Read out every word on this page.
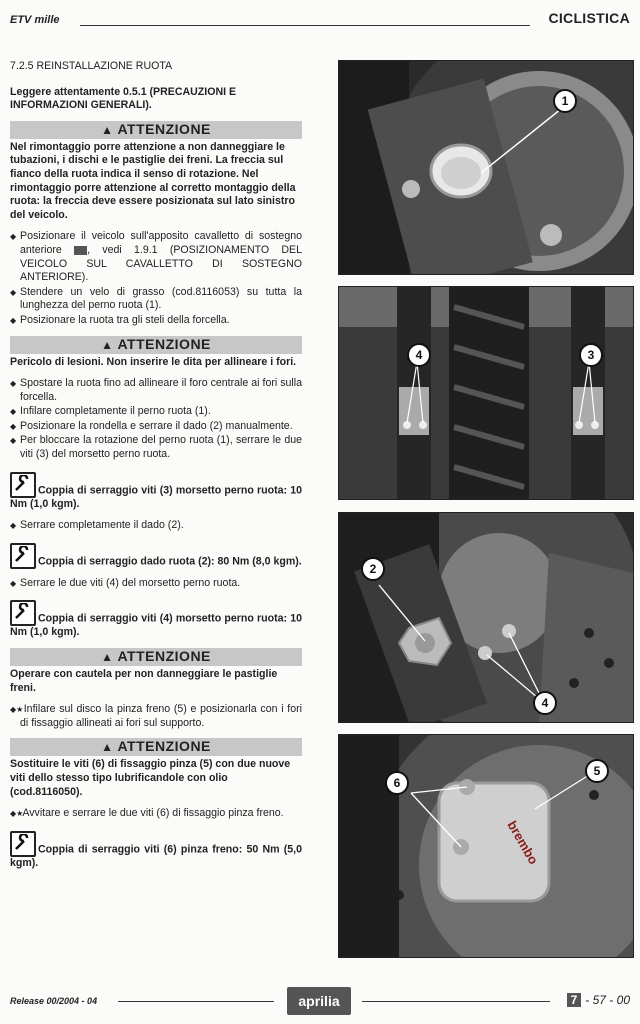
ETV mille	CICLISTICA
7.2.5 REINSTALLAZIONE RUOTA
Leggere attentamente 0.5.1 (PRECAUZIONI E INFORMAZIONI GENERALI).
▲ ATTENZIONE
Nel rimontaggio porre attenzione a non danneggiare le tubazioni, i dischi e le pastiglie dei freni. La freccia sul fianco della ruota indica il senso di rotazione. Nel rimontaggio porre attenzione al corretto montaggio della ruota: la freccia deve essere posizionata sul lato sinistro del veicolo.
◆ Posizionare il veicolo sull'apposito cavalletto di sostegno anteriore , vedi 1.9.1 (POSIZIONAMENTO DEL VEICOLO SUL CAVALLETTO DI SOSTEGNO ANTERIORE).
◆ Stendere un velo di grasso (cod.8116053) su tutta la lunghezza del perno ruota (1).
◆ Posizionare la ruota tra gli steli della forcella.
▲ ATTENZIONE
Pericolo di lesioni. Non inserire le dita per allineare i fori.
◆ Spostare la ruota fino ad allineare il foro centrale ai fori sulla forcella.
◆ Infilare completamente il perno ruota (1).
◆ Posizionare la rondella e serrare il dado (2) manualmente.
◆ Per bloccare la rotazione del perno ruota (1), serrare le due viti (3) del morsetto perno ruota.
Coppia di serraggio viti (3) morsetto perno ruota: 10 Nm (1,0 kgm).
◆ Serrare completamente il dado (2).
Coppia di serraggio dado ruota (2): 80 Nm (8,0 kgm).
◆ Serrare le due viti (4) del morsetto perno ruota.
Coppia di serraggio viti (4) morsetto perno ruota: 10 Nm (1,0 kgm).
▲ ATTENZIONE
Operare con cautela per non danneggiare le pastiglie freni.
◆★ Infilare sul disco la pinza freno (5) e posizionarla con i fori di fissaggio allineati ai fori sul supporto.
▲ ATTENZIONE
Sostituire le viti (6) di fissaggio pinza (5) con due nuove viti dello stesso tipo lubrificandole con olio (cod.8116050).
◆★ Avvitare e serrare le due viti (6) di fissaggio pinza freno.
Coppia di serraggio viti (6) pinza freno: 50 Nm (5,0 kgm).
1
4	3
2
4
6
5
brembo
Release 00/2004 - 04	aprilia	7 - 57 - 00
